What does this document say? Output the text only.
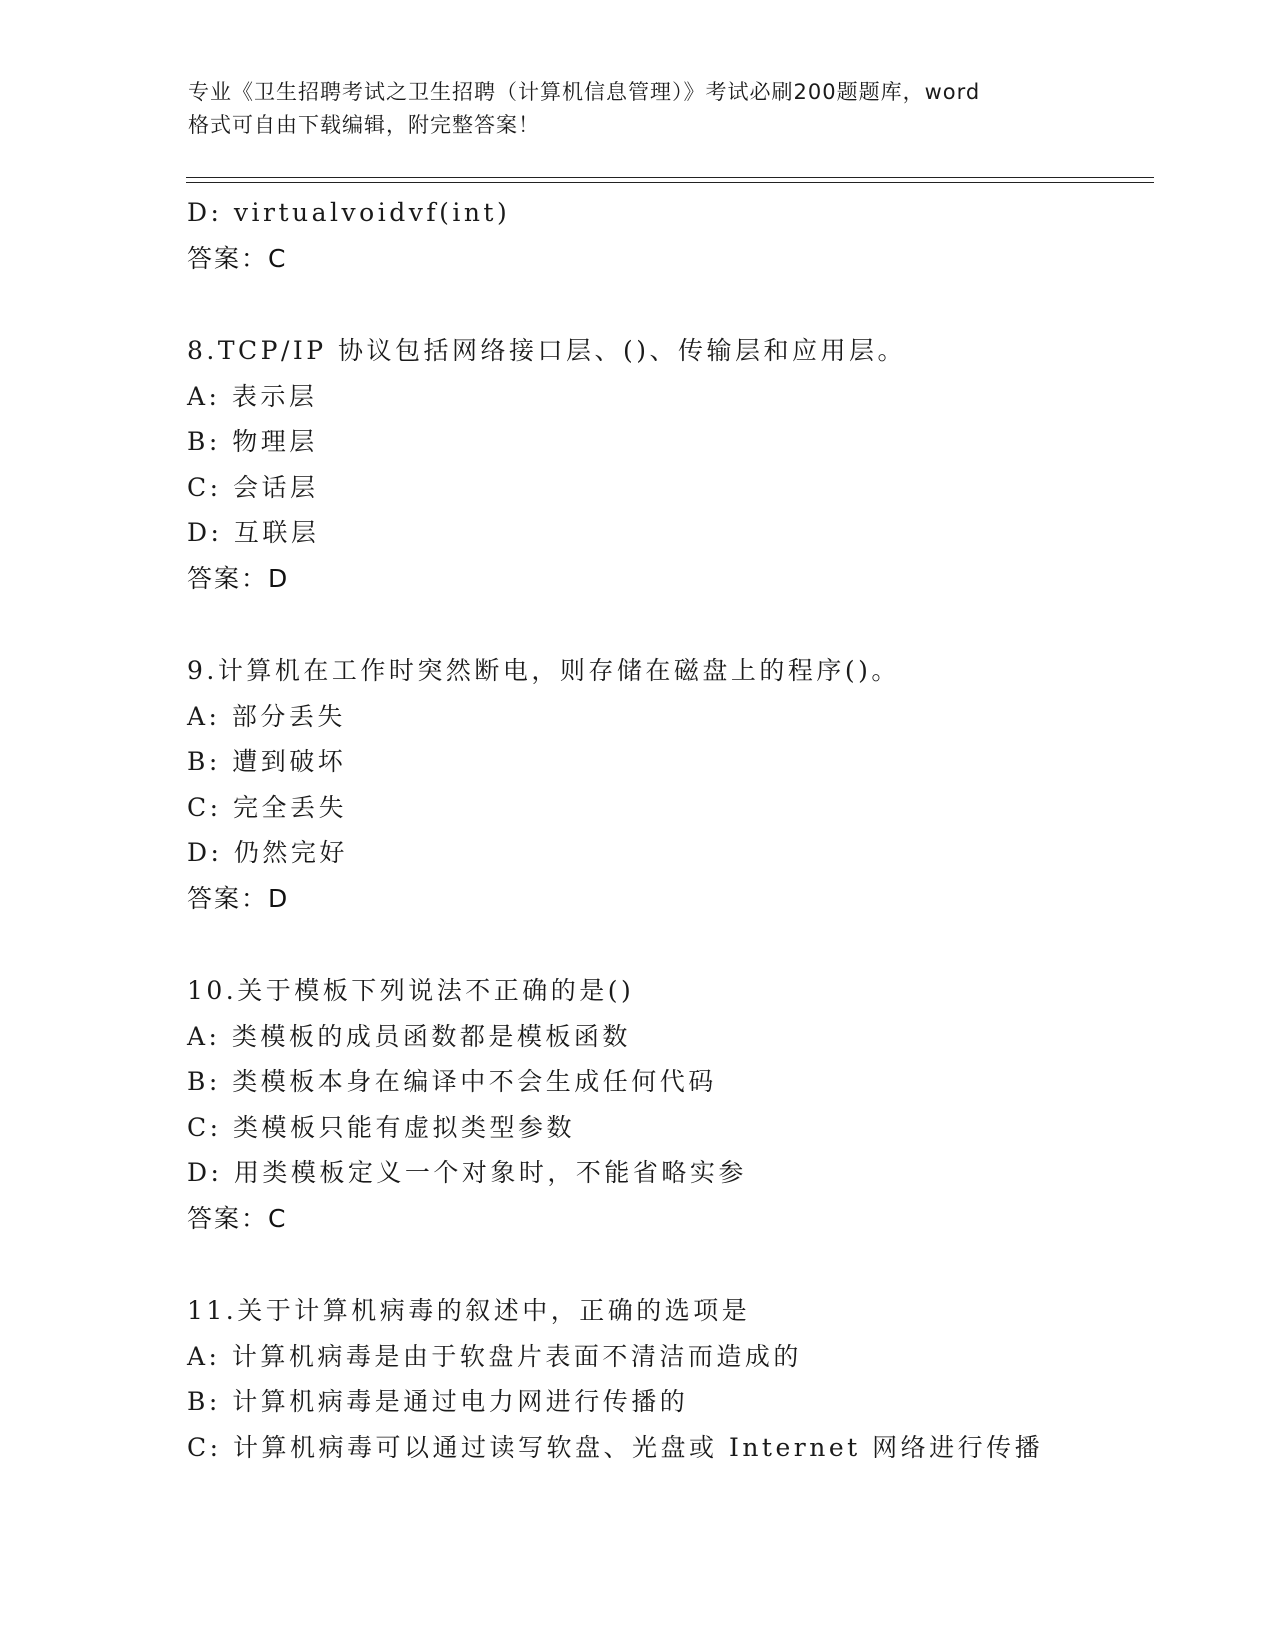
专业《卫生招聘考试之卫生招聘（计算机信息管理）》考试必刷200题题库，word
格式可自由下载编辑，附完整答案！
D: virtualvoidvf(int)
答案：C
8.TCP/IP 协议包括网络接口层、()、传输层和应用层。
A: 表示层
B: 物理层
C: 会话层
D: 互联层
答案：D
9.计算机在工作时突然断电，则存储在磁盘上的程序()。
A: 部分丢失
B: 遭到破坏
C: 完全丢失
D: 仍然完好
答案：D
10.关于模板下列说法不正确的是()
A: 类模板的成员函数都是模板函数
B: 类模板本身在编译中不会生成任何代码
C: 类模板只能有虚拟类型参数
D: 用类模板定义一个对象时，不能省略实参
答案：C
11.关于计算机病毒的叙述中，正确的选项是
A: 计算机病毒是由于软盘片表面不清洁而造成的
B: 计算机病毒是通过电力网进行传播的
C: 计算机病毒可以通过读写软盘、光盘或 Internet 网络进行传播
